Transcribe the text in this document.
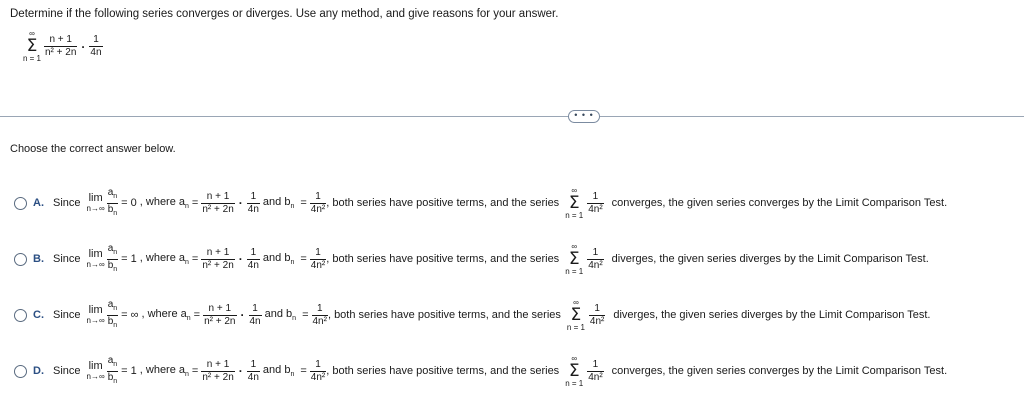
Determine if the following series converges or diverges. Use any method, and give reasons for your answer.
∞
Σ
$n = 1 \frac{n + 1}{\text{n² + 2n}} \cdot \frac{1}{4n}$
• • •
Choose the correct answer below.
A. Since lim
$n\to\infty \frac{a_n}{b_n} = 0$ , where $a_n = \frac{n + 1}{\text{n² + 2n}} \cdot \frac{1}{4n}$ and $b_n = \frac{1}{\text{4n²}}$ , both series have positive terms, and the series
∞
Σ
$n = 1 \frac{1}{\text{4n²}}$ converges, the given series converges by the Limit Comparison Test.
B. Since lim
$n\to\infty \frac{a_n}{b_n} = 1$ , where $a_n = \frac{n + 1}{\text{n² + 2n}} \cdot \frac{1}{4n}$ and $b_n = \frac{1}{\text{4n²}}$ , both series have positive terms, and the series
∞
Σ
$n = 1 \frac{1}{\text{4n²}}$ diverges, the given series diverges by the Limit Comparison Test.
C. Since lim
$n\to\infty \frac{a_n}{b_n}$ = ∞ , where $a_n = \frac{n + 1}{\text{n² + 2n}} \cdot \frac{1}{4n}$ and $b_n = \frac{1}{\text{4n²}}$ , both series have positive terms, and the series
∞
Σ
$n = 1 \frac{1}{\text{4n²}}$ diverges, the given series diverges by the Limit Comparison Test.
D. Since lim
$n\to\infty \frac{a_n}{b_n} = 1$ , where $a_n = \frac{n + 1}{\text{n² + 2n}} \cdot \frac{1}{4n}$ and $b_n = \frac{1}{\text{4n²}}$ , both series have positive terms, and the series
∞
Σ
$n = 1 \frac{1}{\text{4n²}}$ converges, the given series converges by the Limit Comparison Test.
